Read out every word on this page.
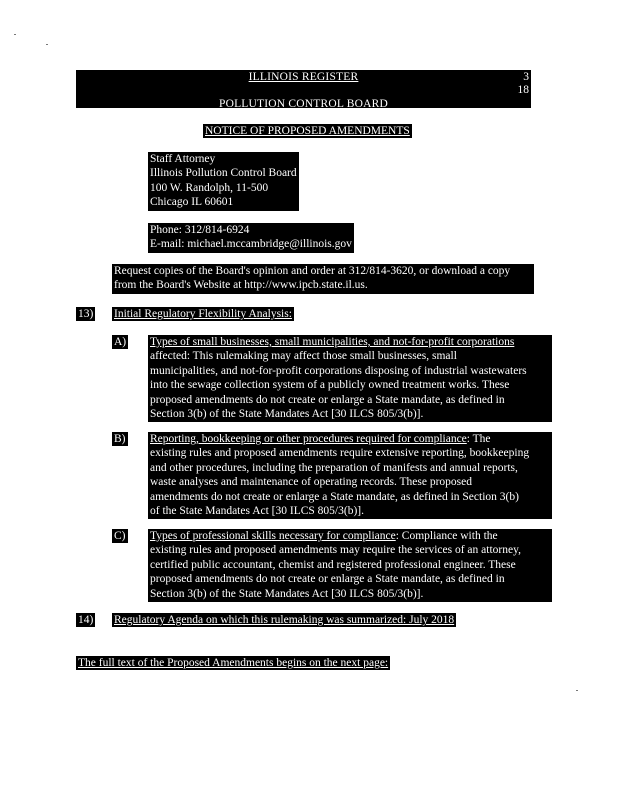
ILLINOIS REGISTER	3
18
POLLUTION CONTROL BOARD
NOTICE OF PROPOSED AMENDMENTS
Staff Attorney
Illinois Pollution Control Board
100 W. Randolph, 11-500
Chicago IL 60601
Phone: 312/814-6924
E-mail: michael.mccambridge@illinois.gov
Request copies of the Board's opinion and order at 312/814-3620, or download a copy
from the Board's Website at http://www.ipcb.state.il.us.
13) Initial Regulatory Flexibility Analysis:
A) Types of small businesses, small municipalities, and not-for-profit corporations
affected: This rulemaking may affect those small businesses, small
municipalities, and not-for-profit corporations disposing of industrial wastewaters
into the sewage collection system of a publicly owned treatment works. These
proposed amendments do not create or enlarge a State mandate, as defined in
Section 3(b) of the State Mandates Act [30 ILCS 805/3(b)].
B) Reporting, bookkeeping or other procedures required for compliance: The
existing rules and proposed amendments require extensive reporting, bookkeeping
and other procedures, including the preparation of manifests and annual reports,
waste analyses and maintenance of operating records. These proposed
amendments do not create or enlarge a State mandate, as defined in Section 3(b)
of the State Mandates Act [30 ILCS 805/3(b)].
C) Types of professional skills necessary for compliance: Compliance with the
existing rules and proposed amendments may require the services of an attorney,
certified public accountant, chemist and registered professional engineer. These
proposed amendments do not create or enlarge a State mandate, as defined in
Section 3(b) of the State Mandates Act [30 ILCS 805/3(b)].
14) Regulatory Agenda on which this rulemaking was summarized: July 2018
The full text of the Proposed Amendments begins on the next page:
